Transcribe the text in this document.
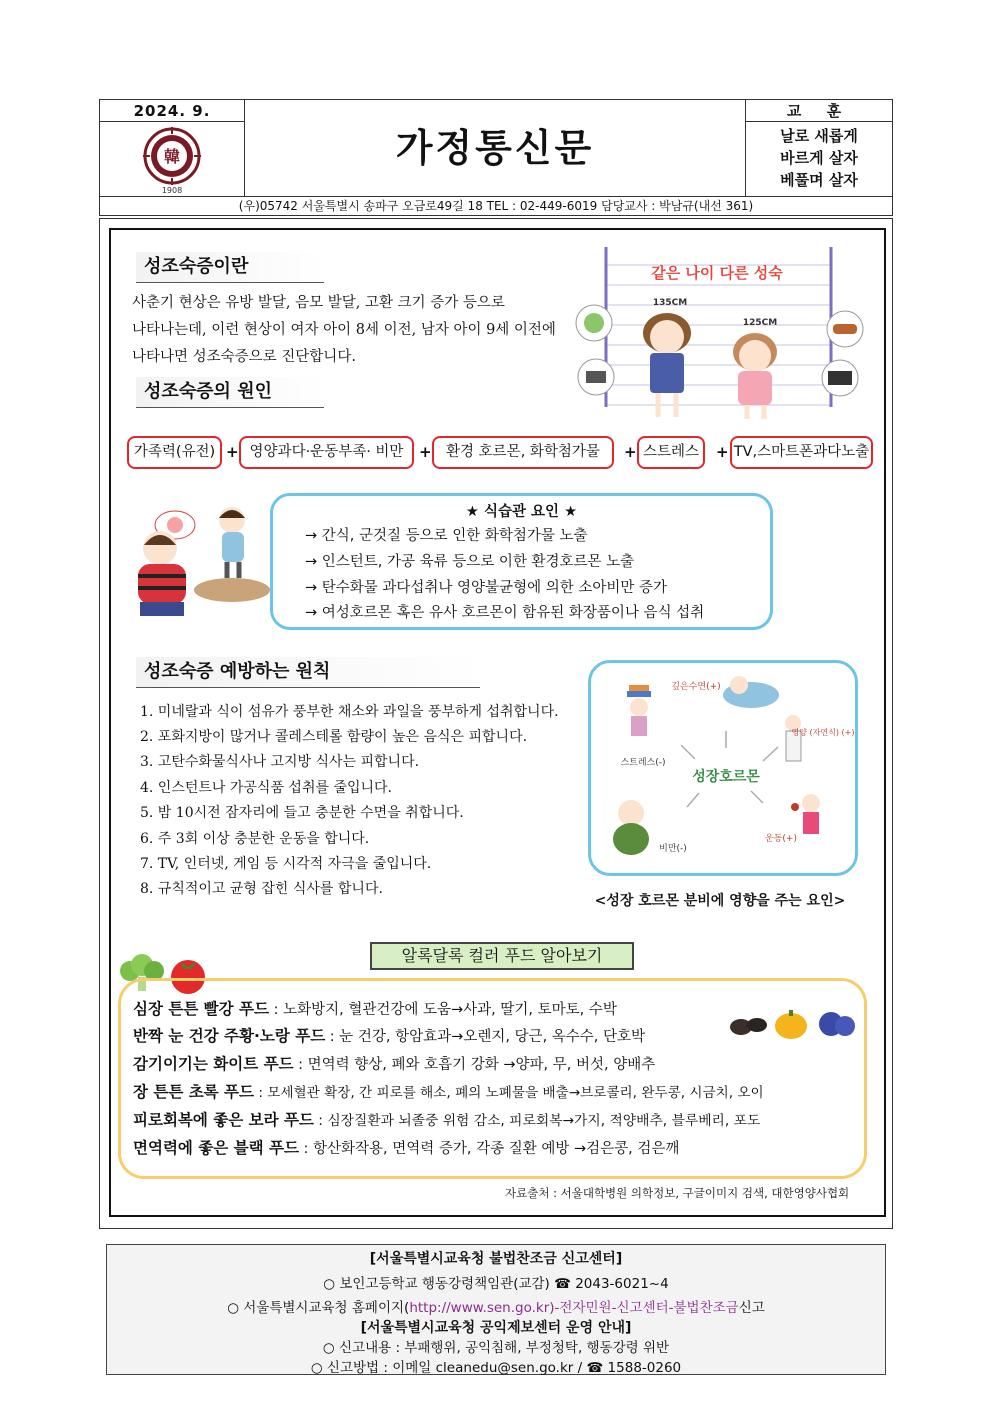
2024. 9.
韓
1908
가정통신문
교 훈
날로 새롭게
바르게 살자
베풀며 살자
(우)05742 서울특별시 송파구 오금로49길 18 TEL : 02-449-6019 담당교사 : 박남규(내선 361)
성조숙증이란
사춘기 현상은 유방 발달, 음모 발달, 고환 크기 증가 등으로
나타나는데, 이런 현상이 여자 아이 8세 이전, 남자 아이 9세 이전에
나타나면 성조숙증으로 진단합니다.
같은 나이 다른 성숙
135CM
125CM
성조숙증의 원인
가족력(유전) + 영양과다·운동부족· 비만	+ 환경 호르몬, 화학첨가물	+ 스트레스	+ TV,스마트폰과다노출
★ 식습관 요인 ★
→ 간식, 군것질 등으로 인한 화학첨가물 노출
→ 인스턴트, 가공 육류 등으로 이한 환경호르몬 노출
→ 탄수화물 과다섭취나 영양불균형에 의한 소아비만 증가
→ 여성호르몬 혹은 유사 호르몬이 함유된 화장품이나 음식 섭취
성조숙증 예방하는 원칙
1. 미네랄과 식이 섬유가 풍부한 채소와 과일을 풍부하게 섭취합니다.
2. 포화지방이 많거나 콜레스테롤 함량이 높은 음식은 피합니다.
3. 고탄수화물식사나 고지방 식사는 피합니다.
4. 인스턴트나 가공식품 섭취를 줄입니다.
5. 밤 10시전 잠자리에 들고 충분한 수면을 취합니다.
6. 주 3회 이상 충분한 운동을 합니다.
7. TV, 인터넷, 게임 등 시각적 자극을 줄입니다.
8. 규칙적이고 균형 잡힌 식사를 합니다.
성장호르몬
깊은수면(+)
스트레스(-)
비만(-)
운동(+)
영양 (자연식) (+)
<성장 호르몬 분비에 영향을 주는 요인>
알록달록 컬러 푸드 알아보기
심장 튼튼 빨강 푸드 : 노화방지, 혈관건강에 도움→사과, 딸기, 토마토, 수박
반짝 눈 건강 주황·노랑 푸드 : 눈 건강, 항암효과→오렌지, 당근, 옥수수, 단호박
감기이기는 화이트 푸드 : 면역력 향상, 폐와 호흡기 강화 →양파, 무, 버섯, 양배추
장 튼튼 초록 푸드 : 모세혈관 확장, 간 피로를 해소, 폐의 노폐물을 배출→브로콜리, 완두콩, 시금치, 오이
피로회복에 좋은 보라 푸드 : 심장질환과 뇌졸중 위험 감소, 피로회복→가지, 적양배추, 블루베리, 포도
면역력에 좋은 블랙 푸드 : 항산화작용, 면역력 증가, 각종 질환 예방 →검은콩, 검은깨
자료출처 : 서울대학병원 의학정보, 구글이미지 검색, 대한영양사협회
[서울특별시교육청 불법찬조금 신고센터]
○ 보인고등학교 행동강령책임관(교감) ☎ 2043-6021~4
○ 서울특별시교육청 홈페이지(http://www.sen.go.kr)-전자민원-신고센터-불법찬조금신고
[서울특별시교육청 공익제보센터 운영 안내]
○ 신고내용 : 부패행위, 공익침해, 부정청탁, 행동강령 위반
○ 신고방법 : 이메일 cleanedu@sen.go.kr / ☎ 1588-0260
